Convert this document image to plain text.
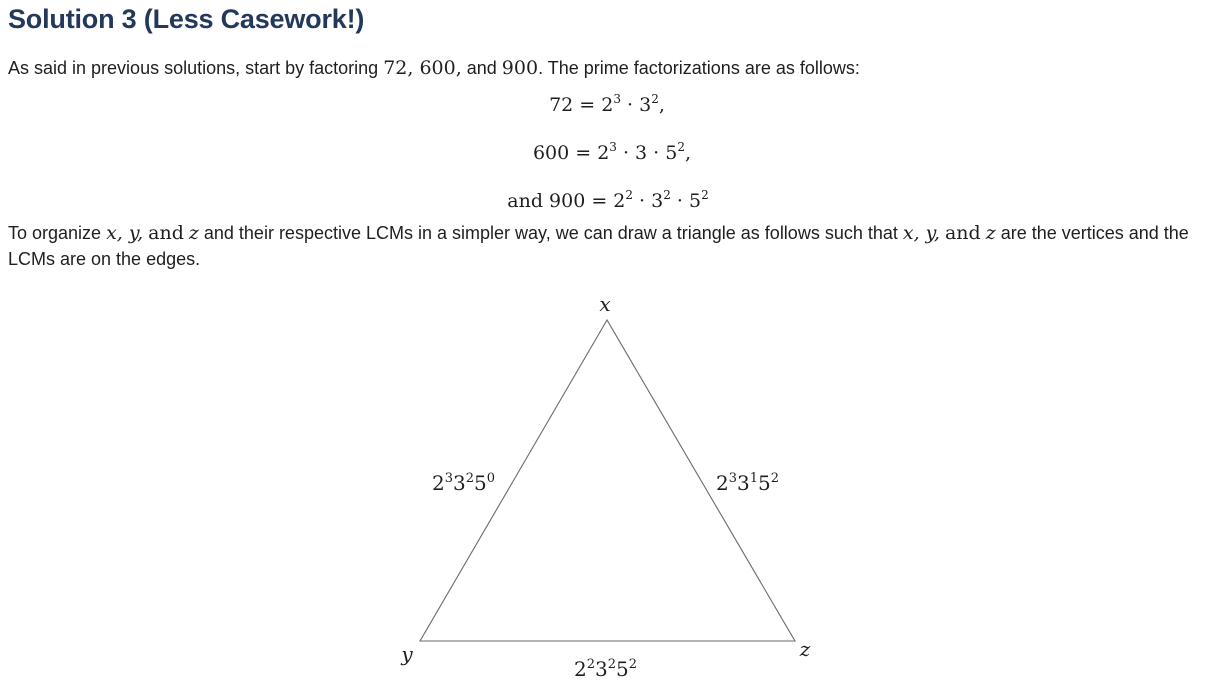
Solution 3 (Less Casework!)

As said in previous solutions, start by factoring 72, 600, and 900. The prime factorizations are as follows:

$72 = 2^3 \cdot 3^2$,
$600 = 2^3 \cdot 3 \cdot 5^2$,
and $900 = 2^2 \cdot 3^2 \cdot 5^2$

To organize x, y, and z and their respective LCMs in a simpler way, we can draw a triangle as follows such that x, y, and z are the vertices and the LCMs are on the edges.

x
y	z
$2^33^25^0$	$2^33^15^2$
$2^23^25^2$
